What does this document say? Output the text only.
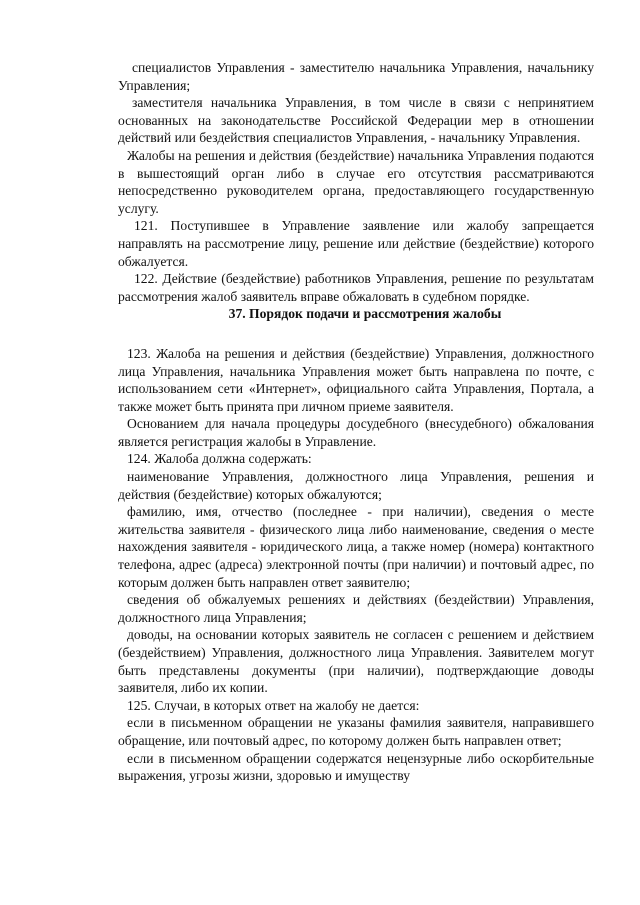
специалистов Управления - заместителю начальника Управления, начальнику Управления;

заместителя начальника Управления, в том числе в связи с непринятием основанных на законодательстве Российской Федерации мер в отношении действий или бездействия специалистов Управления, - начальнику Управления.

Жалобы на решения и действия (бездействие) начальника Управления подаются в вышестоящий орган либо в случае его отсутствия рассматриваются непосредственно руководителем органа, предоставляющего государственную услугу.

121. Поступившее в Управление заявление или жалобу запрещается направлять на рассмотрение лицу, решение или действие (бездействие) которого обжалуется.

122. Действие (бездействие) работников Управления, решение по результатам рассмотрения жалоб заявитель вправе обжаловать в судебном порядке.

37. Порядок подачи и рассмотрения жалобы

123. Жалоба на решения и действия (бездействие) Управления, должностного лица Управления, начальника Управления может быть направлена по почте, с использованием сети «Интернет», официального сайта Управления, Портала, а также может быть принята при личном приеме заявителя.

Основанием для начала процедуры досудебного (внесудебного) обжалования является регистрация жалобы в Управление.

124. Жалоба должна содержать:

наименование Управления, должностного лица Управления, решения и действия (бездействие) которых обжалуются;

фамилию, имя, отчество (последнее - при наличии), сведения о месте жительства заявителя - физического лица либо наименование, сведения о месте нахождения заявителя - юридического лица, а также номер (номера) контактного телефона, адрес (адреса) электронной почты (при наличии) и почтовый адрес, по которым должен быть направлен ответ заявителю;

сведения об обжалуемых решениях и действиях (бездействии) Управления, должностного лица Управления;

доводы, на основании которых заявитель не согласен с решением и действием (бездействием) Управления, должностного лица Управления. Заявителем могут быть представлены документы (при наличии), подтверждающие доводы заявителя, либо их копии.

125. Случаи, в которых ответ на жалобу не дается:

если в письменном обращении не указаны фамилия заявителя, направившего обращение, или почтовый адрес, по которому должен быть направлен ответ;

если в письменном обращении содержатся нецензурные либо оскорбительные выражения, угрозы жизни, здоровью и имуществу
